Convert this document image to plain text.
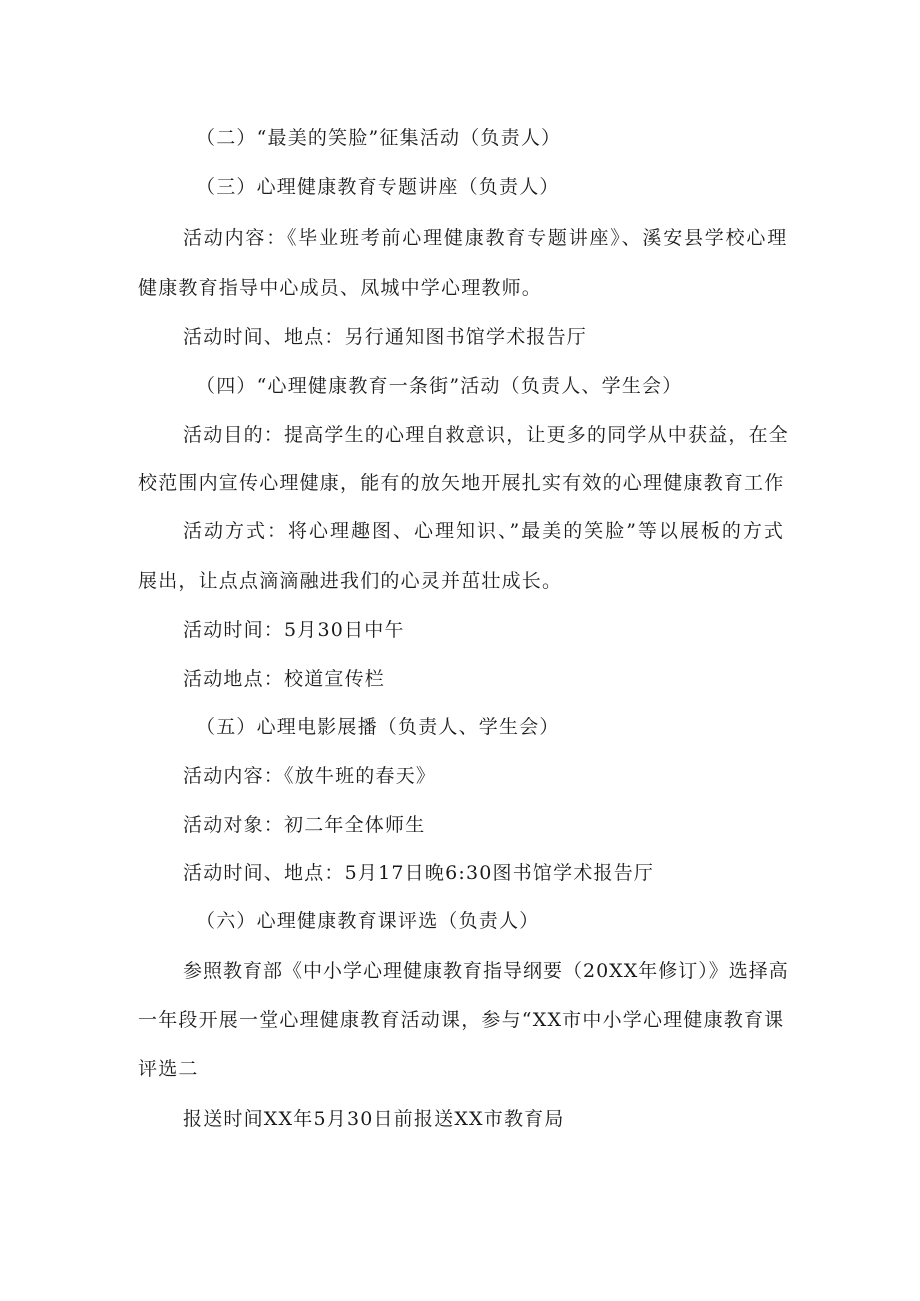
（二）“最美的笑脸”征集活动（负责人）
（三）心理健康教育专题讲座（负责人）
活动内容：《毕业班考前心理健康教育专题讲座》、溪安县学校心理
健康教育指导中心成员、凤城中学心理教师。
活动时间、地点：另行通知图书馆学术报告厅
（四）“心理健康教育一条街”活动（负责人、学生会）
活动目的：提高学生的心理自救意识，让更多的同学从中获益，在全
校范围内宣传心理健康，能有的放矢地开展扎实有效的心理健康教育工作
活动方式：将心理趣图、心理知识、”最美的笑脸”等以展板的方式
展出，让点点滴滴融进我们的心灵并茁壮成长。
活动时间：5月30日中午
活动地点：校道宣传栏
（五）心理电影展播（负责人、学生会）
活动内容：《放牛班的春天》
活动对象：初二年全体师生
活动时间、地点：5月17日晚6:30图书馆学术报告厅
（六）心理健康教育课评选（负责人）
参照教育部《中小学心理健康教育指导纲要（20XX年修订）》选择高
一年段开展一堂心理健康教育活动课，参与“XX市中小学心理健康教育课
评选二
报送时间XX年5月30日前报送XX市教育局
